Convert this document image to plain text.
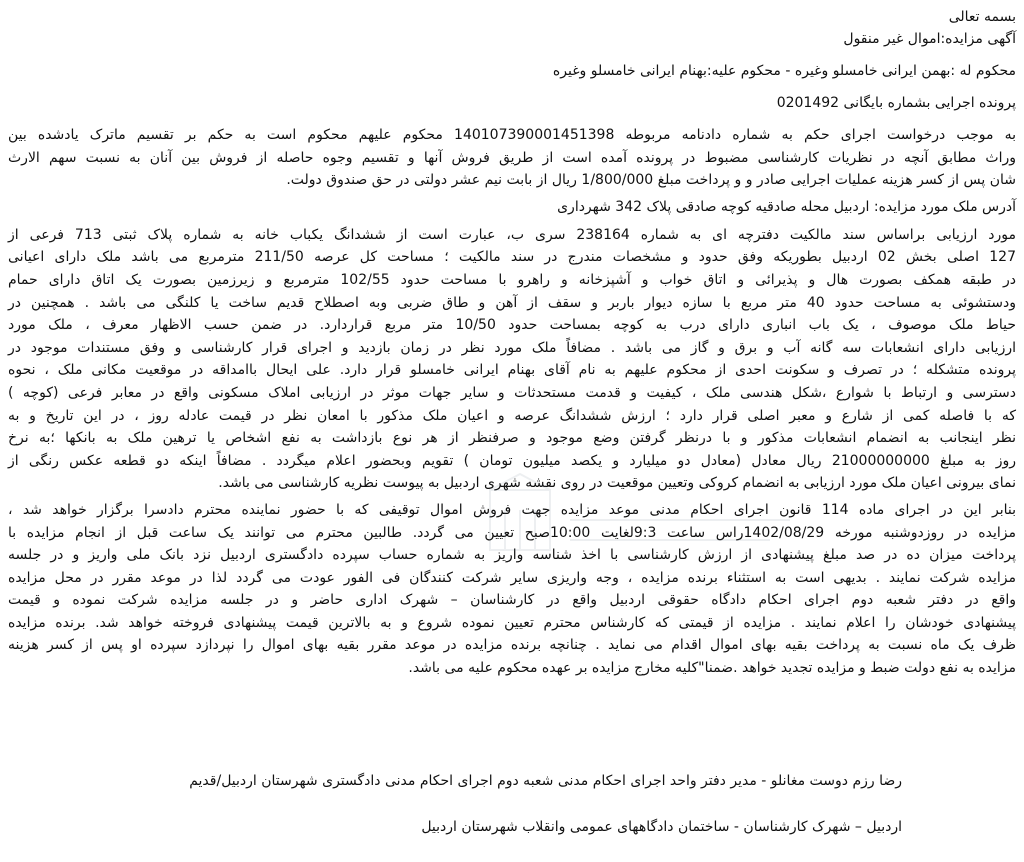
بسمه تعالی
آگهی مزایده:اموال غیر منقول
محکوم له :بهمن ایرانی خامسلو وغیره - محکوم علیه:بهنام ایرانی خامسلو وغیره
پرونده اجرایی بشماره بایگانی 0201492
به موجب درخواست اجرای حکم به شماره دادنامه مربوطه 140107390001451398 محکوم علیهم محکوم است به حکم بر تقسیم ماترک یادشده بین
وراث مطابق آنچه در نظریات کارشناسی مضبوط در پرونده آمده است از طریق فروش آنها و تقسیم وجوه حاصله از فروش بین آنان به نسبت سهم الارث
شان پس از کسر هزینه عملیات اجرایی صادر و و پرداخت مبلغ 1/800/000 ریال از بابت نیم عشر دولتی در حق صندوق دولت.
آدرس ملک مورد مزایده: اردبیل محله صادقیه کوچه صادقی پلاک 342 شهرداری
مورد ارزیابی براساس سند مالکیت دفترچه ای به شماره 238164 سری ب، عبارت است از ششدانگ یکباب خانه به شماره پلاک ثبتی 713 فرعی از
127 اصلی بخش 02 اردبیل بطوریکه وفق حدود و مشخصات مندرج در سند مالکیت ؛ مساحت کل عرصه 211/50 مترمربع می باشد ملک دارای اعیانی
در طبقه همکف بصورت هال و پذیرائی و اتاق خواب و آشپزخانه و راهرو با مساحت حدود 102/55 مترمربع و زیرزمین بصورت یک اتاق دارای حمام
ودستشوئی به مساحت حدود 40 متر مربع با سازه دیوار باربر و سقف از آهن و طاق ضربی وبه اصطلاح قدیم ساخت یا کلنگی می باشد . همچنین در
حیاط ملک موصوف ، یک باب انباری دارای درب به کوچه بمساحت حدود 10/50 متر مربع قراردارد. در ضمن حسب الاظهار معرف ، ملک مورد
ارزیابی دارای انشعابات سه گانه آب و برق و گاز می باشد . مضافاً ملک مورد نظر در زمان بازدید و اجرای قرار کارشناسی و وفق مستندات موجود در
پرونده متشکله ؛ در تصرف و سکونت احدی از محکوم علیهم به نام آقای بهنام ایرانی خامسلو قرار دارد. علی ایحال باامداقه در موقعیت مکانی ملک ، نحوه
دسترسی و ارتباط با شوارع ،شکل هندسی ملک ، کیفیت و قدمت مستحدثات و سایر جهات موثر در ارزیابی املاک مسکونی واقع در معابر فرعی (کوچه )
که با فاصله کمی از شارع و معبر اصلی قرار دارد ؛ ارزش ششدانگ عرصه و اعیان ملک مذکور با امعان نظر در قیمت عادله روز ، در این تاریخ و به
نظر اینجانب به انضمام انشعابات مذکور و با درنظر گرفتن وضع موجود و صرفنظر از هر نوع بازداشت به نفع اشخاص یا ترهین ملک به بانکها ؛به نرخ
روز به مبلغ 21000000000 ریال معادل (معادل دو میلیارد و یکصد میلیون تومان ) تقویم وبحضور اعلام میگردد . مضافاً اینکه دو قطعه عکس رنگی از
نمای بیرونی اعیان ملک مورد ارزیابی به انضمام کروکی وتعیین موقعیت در روی نقشه شهری اردبیل به پیوست نظریه کارشناسی می باشد.
بنابر این در اجرای ماده 114 قانون اجرای احکام مدنی موعد مزایده جهت فروش اموال توقیفی که با حضور نماینده محترم دادسرا برگزار خواهد شد ،
مزایده در روزدوشنبه مورخه 1402/08/29راس ساعت 9:3لغایت 10:00صبح تعیین می گردد. طالبین محترم می توانند یک ساعت قبل از انجام مزایده با
پرداخت میزان ده در صد مبلغ پیشنهادی از ارزش کارشناسی با اخذ شناسه واریز به شماره حساب سپرده دادگستری اردبیل نزد بانک ملی واریز و در جلسه
مزایده شرکت نمایند . بدیهی است به استثناء برنده مزایده ، وجه واریزی سایر شرکت کنندگان فی الفور عودت می گردد لذا در موعد مقرر در محل مزایده
واقع در دفتر شعبه دوم اجرای احکام دادگاه حقوقی اردبیل واقع در کارشناسان – شهرک اداری حاضر و در جلسه مزایده شرکت نموده و قیمت
پیشنهادی خودشان را اعلام نمایند . مزایده از قیمتی که کارشناس محترم تعیین نموده شروع و به بالاترین قیمت پیشنهادی فروخته خواهد شد. برنده مزایده
ظرف یک ماه نسبت به پرداخت بقیه بهای اموال اقدام می نماید . چنانچه برنده مزایده در موعد مقرر بقیه بهای اموال را نپردازد سپرده او پس از کسر هزینه
مزایده به نفع دولت ضبط و مزایده تجدید خواهد .ضمنا"کلیه مخارج مزایده بر عهده محکوم علیه می باشد.
رضا رزم دوست مغانلو - مدیر دفتر واحد اجرای احکام مدنی شعبه دوم اجرای احکام مدنی دادگستری شهرستان اردبیل/قدیم
اردبیل – شهرک کارشناسان - ساختمان دادگاههای عمومی وانقلاب شهرستان اردبیل
